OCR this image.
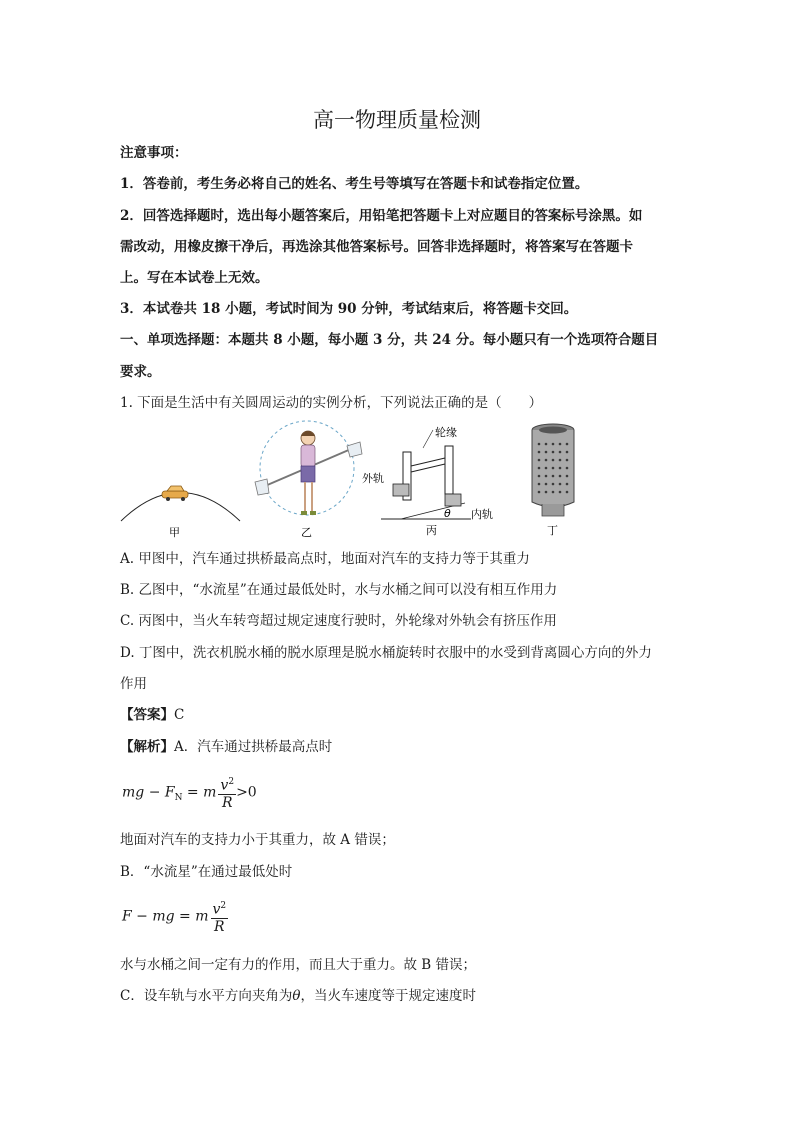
高一物理质量检测
注意事项：
1．答卷前，考生务必将自己的姓名、考生号等填写在答题卡和试卷指定位置。
2．回答选择题时，选出每小题答案后，用铅笔把答题卡上对应题目的答案标号涂黑。如
需改动，用橡皮擦干净后，再选涂其他答案标号。回答非选择题时，将答案写在答题卡
上。写在本试卷上无效。
3．本试卷共 18 小题，考试时间为 90 分钟，考试结束后，将答题卡交回。
一、单项选择题：本题共 8 小题，每小题 3 分，共 24 分。每小题只有一个选项符合题目
要求。
1. 下面是生活中有关圆周运动的实例分析，下列说法正确的是（　　）
甲	乙
轮缘
外轨
内轨
θ
丙	丁
A. 甲图中，汽车通过拱桥最高点时，地面对汽车的支持力等于其重力
B. 乙图中，“水流星”在通过最低处时，水与水桶之间可以没有相互作用力
C. 丙图中，当火车转弯超过规定速度行驶时，外轮缘对外轨会有挤压作用
D. 丁图中，洗衣机脱水桶的脱水原理是脱水桶旋转时衣服中的水受到背离圆心方向的外力
作用
【答案】C
【解析】A．汽车通过拱桥最高点时
mg − $F_N = m \frac{v^2}{R} >0$
地面对汽车的支持力小于其重力，故 A 错误；
B．“水流星”在通过最低处时
F − mg = m $\frac{v^2}{R}$
水与水桶之间一定有力的作用，而且大于重力。故 B 错误；
C．设车轨与水平方向夹角为θ，当火车速度等于规定速度时
